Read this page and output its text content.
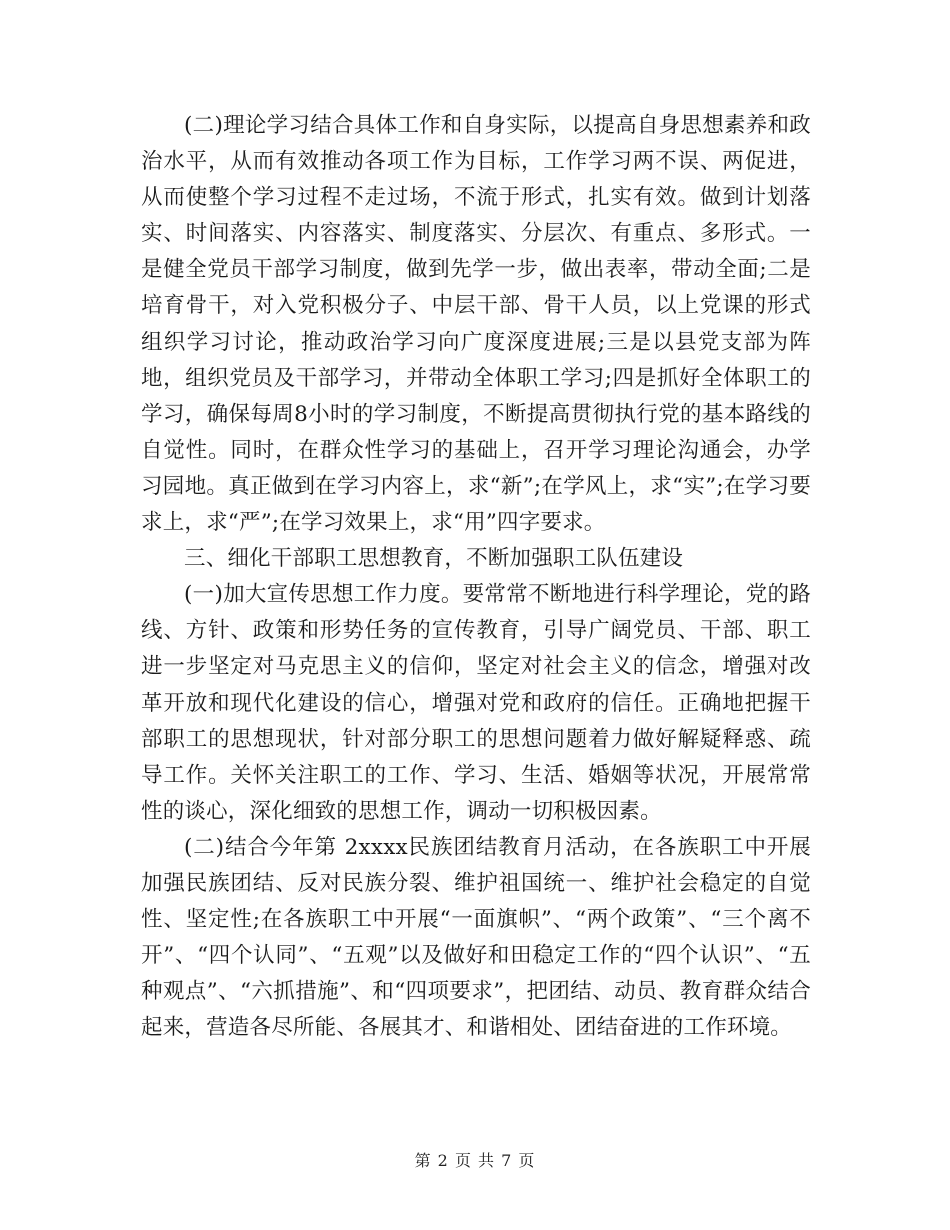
(二)理论学习结合具体工作和自身实际，以提高自身思想素养和政治水平，从而有效推动各项工作为目标，工作学习两不误、两促进，从而使整个学习过程不走过场，不流于形式，扎实有效。做到计划落实、时间落实、内容落实、制度落实、分层次、有重点、多形式。一是健全党员干部学习制度，做到先学一步，做出表率，带动全面;二是培育骨干，对入党积极分子、中层干部、骨干人员，以上党课的形式组织学习讨论，推动政治学习向广度深度进展;三是以县党支部为阵地，组织党员及干部学习，并带动全体职工学习;四是抓好全体职工的学习，确保每周8小时的学习制度，不断提高贯彻执行党的基本路线的自觉性。同时，在群众性学习的基础上，召开学习理论沟通会，办学习园地。真正做到在学习内容上，求“新”;在学风上，求“实”;在学习要求上，求“严”;在学习效果上，求“用”四字要求。

三、细化干部职工思想教育，不断加强职工队伍建设

(一)加大宣传思想工作力度。要常常不断地进行科学理论，党的路线、方针、政策和形势任务的宣传教育，引导广阔党员、干部、职工进一步坚定对马克思主义的信仰，坚定对社会主义的信念，增强对改革开放和现代化建设的信心，增强对党和政府的信任。正确地把握干部职工的思想现状，针对部分职工的思想问题着力做好解疑释惑、疏导工作。关怀关注职工的工作、学习、生活、婚姻等状况，开展常常性的谈心，深化细致的思想工作，调动一切积极因素。

(二)结合今年第 2xxxx民族团结教育月活动，在各族职工中开展加强民族团结、反对民族分裂、维护祖国统一、维护社会稳定的自觉性、坚定性;在各族职工中开展“一面旗帜”、“两个政策”、“三个离不开”、“四个认同”、“五观”以及做好和田稳定工作的“四个认识”、“五种观点”、“六抓措施”、和“四项要求”，把团结、动员、教育群众结合起来，营造各尽所能、各展其才、和谐相处、团结奋进的工作环境。

第 2 页 共 7 页
